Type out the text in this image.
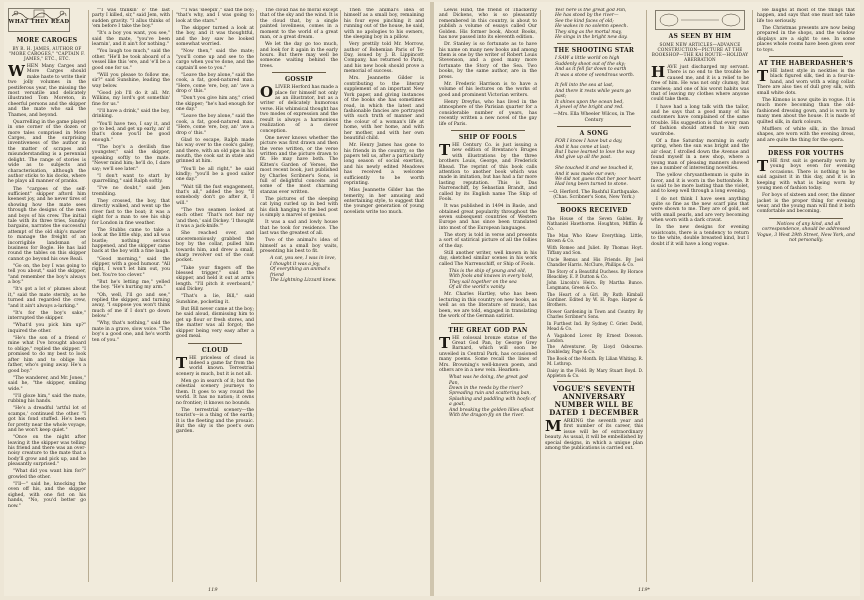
WHAT THEY READ
MORE CAROGES
BY R. H. JAMES, AUTHOR OF "MORE CAROGES," "CAPTAIN F. JAMES," ETC., ETC.

WHEN Many Carges and More Carges should make haste to write their two jolly volumes in the pestiferous year, the missing the most versatile and delicately illustrated Tom Moreton, in cheerful persons and the skipper and the mate who sail the Thames, and beyond.

Quarrelling in the game played in one corner of the dozen or more tales comprised in More Carges, and the surprising inventiveness of the author in the matter of scrapes and misunderstanding is a perennial delight. The range of stories is wide as to subjects and characterisation, although the author sticks to his docks, where he plays all manner of pranks.

The "cargoes of the self-sufficient" skipper aftord him keenest joy, and he never tires of showing how the mate sees through the designs of the men and boys of his crew. The initial tale with its three tries, Sunday bargains, narrates the successful attempt of the old ship's master to manage the freight of an incorrigible landsman of business for Bogle. He has laid round the tables on this skipper cannot go beyond his owe Reali.

"Go on, the boy I was going to tell you about," said the skipper, "and remember the boy's always a boy."

"It's got a lot o' plumes about it," said the mate sternly, as he turned and regarded the crew, "and it ain't always a-larking."

"It's for the boy's sake," interrupted the skipper.

"What'd you pick him up?" inquired the other.

"He's the son of a friend o' mine what I've brought aboard to oblige," replied the skipper. "I promised to do my best to look after him and to oblige his father, who's going away. He's a good boy."

"The wanderer, and Mr. Jones," said he, "the skipper, smiling wide."

"I'll gloze him," said the mate, rubbing his hands.

"He's a dreadful 'artful lot of scamps,' continued the other. "I got his fond stuffed. He's been for pretty near the whole voyage, and he won't keep quiet."

"Once on the night after leaving it the skipper was telling his friend and there was an over-noisy creature to the mate that a body'll grow and pick up, and be pleasantly surprised."

"What did you want him for?" growled the other.

"I'll—" said he, knocking the oven off his, and the skipper sighed, with one fist on his hands, "No, you'd better go now."

""I was thinkin' o' the last party I killed, sir," said Jem, with sudden gravity. "I allus thinks of 'em before I take the boy."

"It's a boy you want, you see," said the mate, "you've been learnin', and it ain't for nothing."

"You laugh too much," said the other. "He'll be took aboard of a vessel like this 'ere, and 'e'll be a good one for us."

"Will you please to follow me, sir?" said Sunshine, leading the way below.

"Good job I'll do it all. Mr. Wilkins, my lord's got somethin' fine for us."

"I'll have a drink," said the boy, drinking.

"You'll have two, I say it, and go to bed, and get up early, an' if that's done you'll be good enough."

"The boy's a devilish fine youngster," said the skipper, speaking softly to the mate. "Never mind him; he'll do, I dare say; we'll see later."

"I don't want to start by quarrelling," said Ralph softly.

"I've no doubt," said Jem trembling.

They crossed, the boy, that directly walked, and went up the river fast to the boat; it was a sight for a man to see his ship for London in fine weather.

The Stubbs came to take a look at the little ship, and all was bustle; nothing serious happened, and the skipper came back at the boy with a fine laugh.

"Good morning," said the skipper, with a good humour. "All right, I won't let him out, you bet. You're too clever."

"But he's letting me," yelled the boy. "He's hurting my arm."

"Oh, well, I'll go and see," replied the skipper, and turning away, "I suppose you won't think much of me if I don't go down below."

"Why, that's nothing," said the mate in a grave, slow voice. "The boy's a good one, and he's worth ten of you."

""I was 'sleepin'," said the boy; "that's why, and I was going to look at the stars."

The skipper turned a look at the boy, and it was thoughtful, and the boy saw he looked somewhat worried.

"Now then," said the mate; "you'll come up and see to the cargo when you've done, and the captain'll see to you."

"Leave the boy alone," said the cook, a fat, good-natured man. "Here, come 'ere, boy, an' 'ave a drop o' this."

"Don't you give him any," cried the skipper; "he's had enough for one day."

"Leave the boy alone," said the cook, a fat, good-natured man. "Here, come 'ere, boy, an' 'ave a drop o' this."

Glad to escape, Ralph made his way over to the cook's galley, and there, with an old pipe in his mouth, the cook sat in state and grinned at him.

"You'll be all right," he said kindly; "you'll be a good sailor one day."

"Wait till the fust engagement, that's all," added the boy. "If somebody don't go after it, I will."

"The two seamen looked at each other. 'That's not hur my 'and then,' said Dickey. 'I thought it was a jack-knife.'"

She reached over, and unceremoniously grabbed the boy by the collar, pulled him towards him, and drew a small, sharp revolver out of the coat pocket.

"Take your fingers off the blessed trigger," said the skipper, and held it out at arm's length. "I'll pitch it overboard," said Dickey.

"That's a lie, Bill," said Sunshine, pocketing it.

But Bill never came at the boy; he said aloud, dismissing him to get up flour or fresh stores, and the matter was all forgot; the skipper being very easy after a good meal.

CLOUD

THE priceless of cloud is indeed a game far from the world known. Terrestrial scenery is much, but it is not all.

Men go in search of it; but the celestial scenery journeys to them. It goes to way round the world. It has no nation; it owns no frontier; it knows no bounds.

The terrestrial scenery—the tourist's—is a thing of the earth; it is the fleeting and the prosaic. But the sky is the poet's own garden.

The cloud has no moral except that of the sky and the wind. It is the cloud that, by a single painted loveliness, comes in a moment to the world of a great man, or a great dream.

We let the day go too much, and look for it again in the early hours. But there may well be someone waiting behind the trees.

GOSSIP

OLIVER Herford has made a place for himself not only as an illustrator, but as a writer of delicately humorous verse. His whimsical thought has two modes of expression and the result is always a harmonious realization of a clever conception.

One never knows whether the picture was first drawn and then the verse written, or the verse written and the picture drawn to fit. He may have both. The Kitten's Garden of Verses, the most recent book, just published by Charles Scribner's Sons, is full of delightful conceits and some of the most charming stanzas ever written.

The pictures of the sleeping cat lying curled up in bed with his dish hanging to the bed post is simply a marvel of genius.

It was a sad and lowly house that he took for residence. The last was the greatest of all.

Two of the animal's idea of himself as a small boy waits, presenting his best to fit.

A cat, you see, I was in love,
I thought it was a joy,
Of everything an animal's friend
The Lightning Lizzard knew.

Then the animal's idea of himself as a small boy, remaining his four eyes pinching it and running out of the house, he said, with no apologies to his owners, the sleeping boy in a pillow.

Very prettily told Mr. Morrow, author of Bohemian Paris of To-Day, issued by J. B. Lippincott Company, has returned to Paris, and his new book should prove a memorial of success.

Mrs. Jeannette Gilder is contributing to the literary supplement of an important New York paper, and giving instances of the books she has sometimes read, in which the latest and fashionable fancies are portrayed with such truth of manner and the colour of a woman's life at home, with her home, and with her mother, and with her own beautiful child.

Mr. Henry James has gone to his friends in the country, so the papers tell us, after a particularly long season of social exertion, and his newly edited Meadows has received a welcome sufficiently to be worth reprinting.

Miss Jeannette Gilder has the temerity, in her amusing and entertaining style, to suggest that the younger generation of young novelists write too much.

119

Lewis Hind, the friend of Thackeray and Dickens, who is so pleasantly remembered in this country, is about to publish a volume of essays called Our Golden. His former book, About Books, has now passed into its eleventh edition.

Dr. Stanley is so fortunate as to have his name on many new books and among them is one by the writer of Robert Louis Stevenson, and a good many more fortunate the Story of the Sea. Two books, by the same author, are in the press.

Mr. Frederic Harrison is to have a volume of his lectures on the works of good and prominent Victorian writers.

Henry Dreyfus, who has lived in the atmosphere of the Parisian quarter for a considerable number of years, has recently written a new novel of the gay life of Paris.

SHIP OF FOOLS

THE Century Co. is just issuing a new edition of Brentano's Bruges with illustrations by the three brothers Louis, George, and Frederick Rhead. The reprint of this book calls attention to another book which was made in imitation, but has had a far more lasting reputation. This is Das Narrenschiff, by Sebastian Brandt, and called by its English name The Ship of Fools.

It was published in 1494 in Basle, and obtained great popularity throughout the seven subsequent countries of Western Europe and has since been translated into most of the European languages.

The story is told in verse and presents a sort of satirical picture of all the follies of the day.

Still another writer, well known in his day, sketched similar scenes in his work called The Narrenschiff, or Ship of Fools.

This is the ship of young and old,
With fools and knaves in every hold,
They sail together on the sea
Of all the world's vanity.

Mr. Charles Hartley, who has been lecturing in this country on new books, as well as on the literature of music, has been, we are told, engaged in translating the work of the German satirist.

THE GREAT GOD PAN

THE colossal bronze statue of the Great God Pan, by George Grey Barnard, which will soon be unveiled in Central Park, has occasioned many poems. Some recall the lines of Mrs. Browning's well-known poem, and others are in a new vein. Hearken:

What was he doing, the great god Pan,
Down in the reeds by the river?
Spreading ruin and scattering ban,
Splashing and paddling with hoofs of a goat,
And breaking the golden lilies afloat
With the dragon-fly on the river.

Yes! here is the great god Pan,
He has stood by the river—
See the kind faces of old;
He wakes in no solemn speech.
They sing as the mortal may,
He sings in the bright new day.

THE SHOOTING STAR

I SAW a little world on high
Suddenly shoot out of the sky;
And as it fell far down to earth
It was a stone of wondrous worth.

It fell into the sea at last,
And there it rests while years go past;
It shines upon the ocean bed,
A jewel of the bright and red.

—Mrs. Ella Wheeler Wilcox, in The Century

A SONG

FOR I know I have but a day,
And it has come at last;
But I have learned to love the way
And give up all the past.

She touched it and we touched it,
And it was made our own;
We did not guess that her poor heart
Had long been turned to stone.

—O. Herford. The Bashful Earthquake. (Chas. Scribner's Sons, New York.)

BOOKS RECEIVED

The House of the Seven Gables. By Nathaniel Hawthorne. Houghton, Mifflin & Co.

The Man Who Knew Everything. Little, Brown & Co.

With Romeo and Juliet. By Thomas Hoyt. Tiffany and Son.

Uncle Remus and His Friends. By Joel Chandler Harris. McClure, Phillips & Co.

The Story of a Beautiful Duchess. By Horace Bleackley. E. P. Dutton & Co.

John Lincoln's Heirs. By Martha Bunce. Longmans, Green & Co.

The Heart of a Girl. By Ruth Kimball Gardiner. Edited by W. H. Page. Harper & Brothers.

Flower Gardening in Town and Country. By Charles Scribner's Sons.

In Furthest Ind. By Sydney C. Grier. Dodd, Mead & Co.

A Vagabond Lover. By Ernest Dowson. London.

The Adventurer. By Lloyd Osbourne. Doubleday, Page & Co.

The Book of the Month. By Lilian Whiting. R. M. Lothrop.

Daisy in the Field. By Mary Stuart Boyd. D. Appleton & Co.

VOGUE'S SEVENTH ANNIVERSARY NUMBER WILL BE DATED 1 DECEMBER

MARKING the seventh year and first number of its career, this issue will be of extraordinary beauty. As usual, it will be embellished by special designs, in which a unique plan among the publications is carried out.

AS SEEN BY HIM
SOME NEW ARTICLES—ADVANCE CONSTRUCTION—PICTURE AT THE BOOKSHOP—THE KAI ROUTE—HOLIDAY ABERRATION

HAVE just discharged my servant. There is no end to the trouble he caused me, and it is a relief to be free of him. He was not only clumsy, but careless; and one of his worst habits was that of leaving my clothes where anyone could take them.

I have had a long talk with the tailor, and he says that a good many of his customers have complained of the same trouble. His suggestion is that every man of fashion should attend to his own wardrobe.

Of a fine Saturday morning in early spring, when the sun was bright and the air clear, I strolled down the Avenue and found myself in a new shop, where a young man of pleasing manners showed me a number of interesting novelties.

The yellow chrysanthemum is quite in favor, and it is worn in the buttonhole. It is said to be more lasting than the violet, and to keep well through a long evening.

I do not think I have seen anything quite so fine as the new scarf pins that were shown to me. They are of gold, set with small pearls, and are very becoming when worn with a dark cravat.

In the new designs for evening waistcoats, there is a tendency to return to the white, double breasted kind, but I doubt if it will have a long vogue.

He laughs at most of the things that happen, and says that one must not take life too seriously.

The Christmas presents are now being prepared in the shops, and the window displays are a sight to see. In some places whole rooms have been given over to toys.

AT THE HABERDASHER'S

THE latest style in neckties is the black figured silk, tied in a four-in-hand, and worn with a wing collar. There are also ties of dull grey silk, with small white dots.

The Kimono is now quite in vogue. It is much more becoming than the old-fashioned dressing gown, and is worn by many men about the house. It is made of quilted silk, in dark colours.

Mufflers of white silk, in the broad shapes, are worn with the evening dress, and are quite the thing for the opera.

DRESS FOR YOUTHS

THE first suit is generally worn by young boys even for evening occasions. There is nothing to be said against it in this day, and it is in keeping with what is being worn by young men of fashion today.

For boys of sixteen and over, the dinner jacket is the proper thing for evening wear, and the young man will find it both comfortable and becoming.

Notices of any kind, and all correspondence, should be addressed Vogue, 3 West 29th Street, New York, and not personally.

119*
